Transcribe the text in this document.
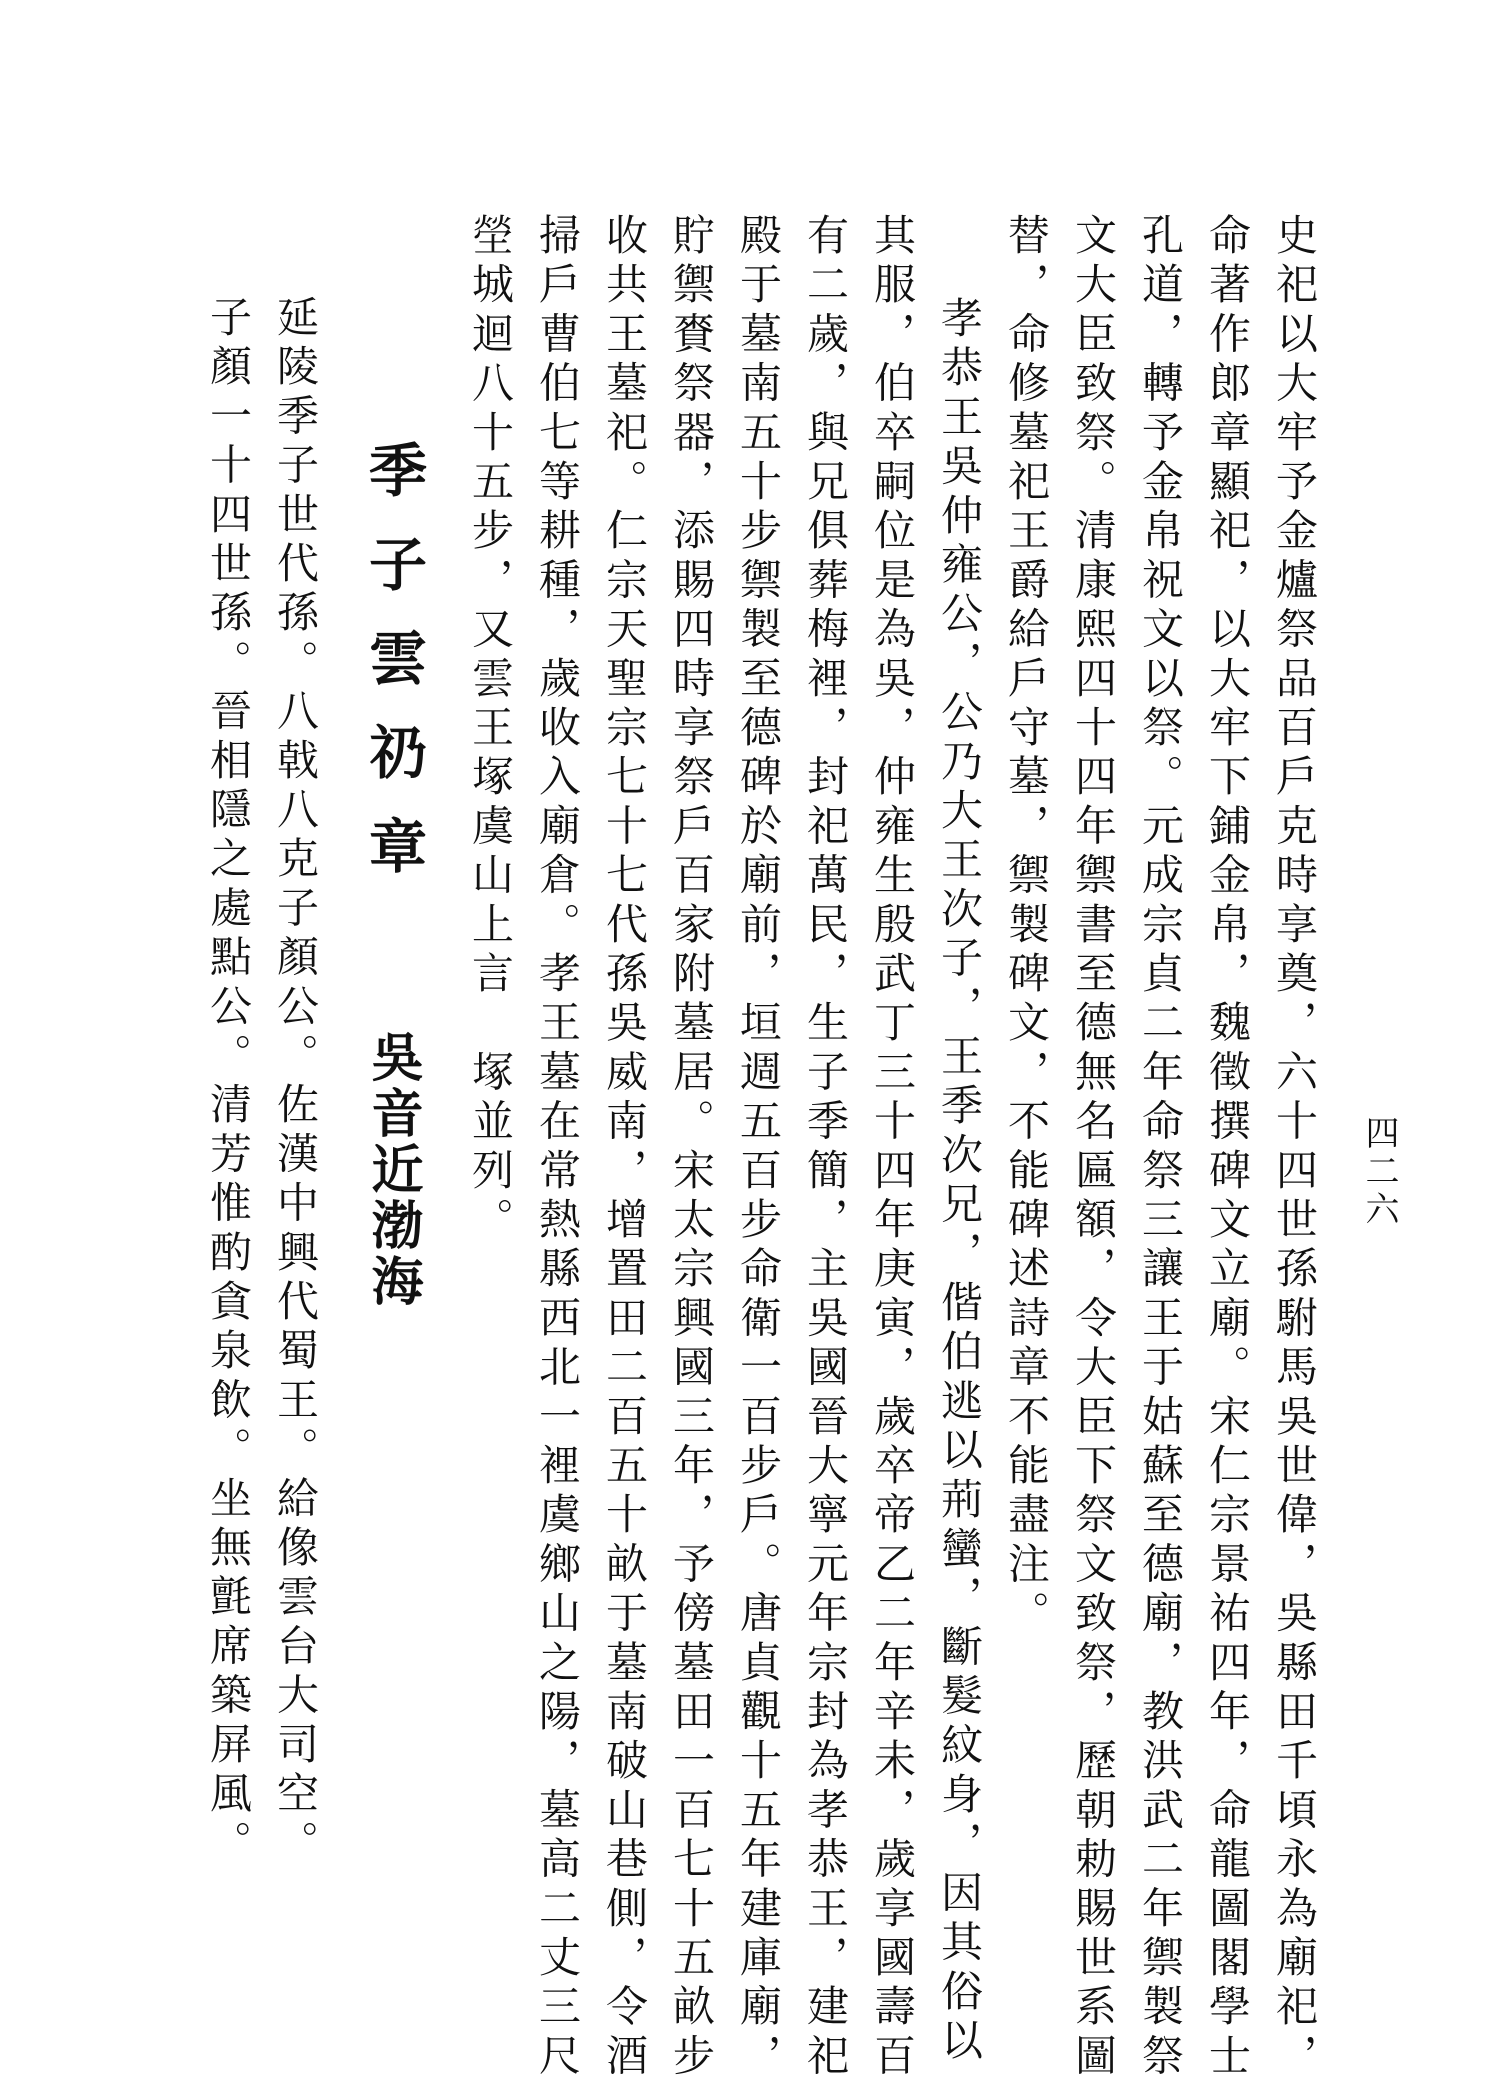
四二六
史祀以大牢予金爐祭品百戶克時享奠，六十四世孫駙馬吳世偉，吳縣田千頃永為廟祀，
命著作郎章顯祀，以大牢下鋪金帛，魏徵撰碑文立廟。宋仁宗景祐四年，命龍圖閣學士
孔道，轉予金帛祝文以祭。元成宗貞二年命祭三讓王于姑蘇至德廟，教洪武二年禦製祭
文大臣致祭。清康熙四十四年禦書至德無名匾額，令大臣下祭文致祭，歷朝勅賜世系圖
替，命修墓祀王爵給戶守墓，禦製碑文，不能碑述詩章不能盡注。
孝恭王吳仲雍公，公乃大王次子，王季次兄，偕伯逃以荊蠻，斷髮紋身，因其俗以
其服，伯卒嗣位是為吳，仲雍生殷武丁三十四年庚寅，歲卒帝乙二年辛未，歲享國壽百
有二歲，與兄俱葬梅裡，封祀萬民，生子季簡，主吳國晉大寧元年宗封為孝恭王，建祀
殿于墓南五十步禦製至德碑於廟前，垣週五百步命衛一百步戶。唐貞觀十五年建庫廟，
貯禦賚祭器，添賜四時享祭戶百家附墓居。宋太宗興國三年，予傍墓田一百七十五畝步
收共王墓祀。仁宗天聖宗七十七代孫吳威南，增置田二百五十畝于墓南破山巷側，令酒
掃戶曹伯七等耕種，歲收入廟倉。孝王墓在常熱縣西北一裡虞鄉山之陽，墓高二丈三尺
塋城迴八十五步，又雲王塚虞山上言　塚並列。
季子雲礽章
吳音近渤海
延陵季子世代孫。八戟八克子顏公。佐漢中興代蜀王。給像雲台大司空。
子顏一十四世孫。晉相隱之處點公。清芳惟酌貪泉飲。坐無氈席築屏風。
